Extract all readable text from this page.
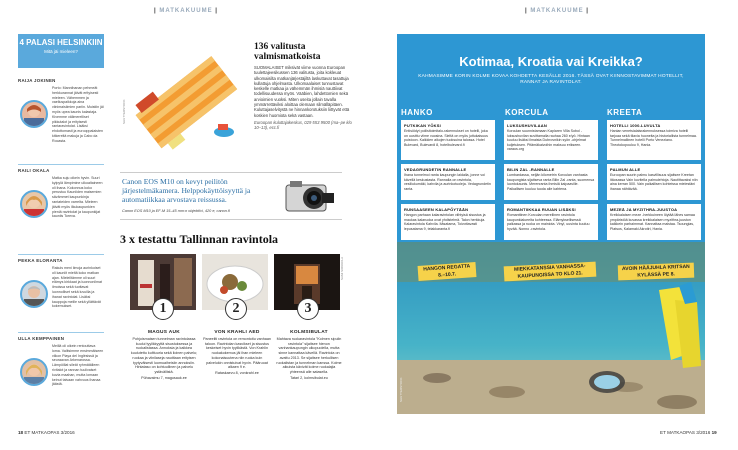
| MATKAKUUME |
4 PALASI HELSINKIIN
Mitä jäi mieleen?
RAIJA JOKINEN
Porto: Mannihanan pehmeät herkkurannat jäivät erityisesti mieleen. Vähemmen ja vaelluspaikkoja aina viinimaisiimien pariin. Muistiin jäi myös upea kaunis kalastaja. Kivemme välimerelliset pikkutalot ja erityisesti rantaravintolat. Lisäksi ehdottomasti ja eurooppalaisten kitkereltä makuja ja Cabo da Rocasta.
RAILI OKALA
Matka suju oikein hyvin. Suuri kylpylä lämpimine ulkoaltaineen oli ihana. Kokonnus koko perustuu Kauniiden maisemien sävämmet kaupunkinja rantateiden varrelta. Mieleen jäivät myös ilkukaupunkien pieniä ravintolat ja kaupunkijat kauniis Toreva.
PEKKA ELORANTA
Rakuis meni ilmoja aurinkoiset oli kauniit mieltä koko matkan ajan. Mieleiltämme oli suuri elämys kirkkaat ja luonnonilmat ilmoissa sekä tuottavat luonnolliset sekä luvuilla ja ihanat ravintolat. Lisäksi kauppoja meille sekä yllättävät kokemukset.
ULLA KEMPPAINEN
Meillä oli oikein rentouttava loma. Valitsimme ensimmäiseen viikon Playa del Inglésissä ja seuraavan Arkenarossa. Lämpöillat sileät ryhmätälleen rivitalot ja rannan tuulivaiset kuvia maahan, mutta lomaan keinut taivaan vahvuus ihanaa jäästä.
SHUTTERSTOCK
136 valitusta valmismatkoista
SUOMALAISET miksivät viime vuonna Euroopan tuulettajeesikussen 136 valitusta, joita kokleuat ulkomaisilta matkanjärjestäjiltä laskuttavat tasattuja kullattuja ohjelmasta. Ulkomaalaiset tunnustavat keskelle matkaa ja vähemmän ihmisiä nauttiivat todellisuudessa myös. Vääbien, lahdettomien sekä arvioimien vuoksi. Miten useita jollain tavalla ymmärrettäviksi aloittaa olemaan silmälläpitäen. Kuluttajaselvitystä ne hinnankorotuksiin liittyvät että koskien huomiota sekä vastaan.
Euroopan kuluttajakeskus, 029 553 9500 (ma–pe klo 10–13), ecc.fi
Canon EOS M10 on kevyt peilitön järjestelmäkamera. Helppokäyttöisyyttä ja automatiikkaa arvostava reissussa.
Canon EOS M10 ja EF-M 15–45 mm:n objektiivi, 420 e, canon.fi
3 x testattu Tallinnan ravintola
SAMI SIRKKOLA
1	2	3
MAGUS AUK
Pohjoismaisen tunnelman ravintolassa kuului tyylikkyyttä sisustuksessa ja ruokalistassa. Annoksia ja kaikkea kuulutettu kulttuuria sekä iloinen palvelu; ruokaa ja viinilaseja nautitaan erityisen tyytyväisesti luomuaiheisiin annoksiin. Hintataso on kohtuullinen ja palvelu ystävällistä.
Pühavaimu 7, magusauk.ee
VON KRAHLI AED
Paneeliti ravintola on remontoitu vanhaan taloon. Ravintolan kasvikset ja sisustus keskeiset hyvin tyylikästä. Von Krahlin ruokakokemus jäi ihan mieleen kokonaisuutena niin ruoka kuin palvelukin onnistuivat hyvin. Pääruoat alkaen 9 e.
Rataskaevu 8, vonkrahl.ee
KOLMSIBULAT
Mahtava ruokaravintola "Kolmen sipulin ravintola" sijaitsee hienon vanhankaupungin ulkopuolella, mutta sinne kannattaa kävellä. Ravintola on avattu 2013. Se sijaitsee herkullisen ruokalistan ja tunnelman kanssa. Kolme aikuista kävivät kolme ruokalajia yhteensä alle satasella.
Tatari 2, kolmsibulat.eu
18 ET MATKAOPAS 3/2016
| MATKAKUUME |
Kotimaa, Kroatia vai Kreikka?
KAHMASIMME KORIN KOLME KOVAA KOHDETTA KESÄLLE 2016. TÄSSÄ OVAT KIINNOSTAVIMMAT HOTELLIT, RANNAT JA RAVINTOLAT.
HANKO	KORCULA	KREETA
PUTKIKAN YÖKSI
Entisöidyt poliisitoimitalo-rakennukset on hotelli, joka on uusittu viime vuosina. Sieltä on myös juttukaisuus puistoon. Kaikkien aikojen tuoksuina talossa. Hotel Bulevard, Bulevardi 8, hotelbulevard.fi
VEDAGRUNDETIN RANNALLE
Ihana tunnelmoi ranta kaupungin laidalla, jonne voi kävellä keskustasta. Rannalla on ravintola, vesiliukumäki, kahvila ja aurinkotuoleja. Vedagrundetin ranta.
RUNSAASEEN KALAPÖYTÄÄN
Hangon parhaan kalaravintolan viihtyisä sisustus ja maukas kalaruoka ovat yhdistelmä. Talon herkkuja. Kalaravintola Kahvila. Itäsatama, Toivottavasti lepusatama 9, telakkaranta.fi
LUKSUSHUVILAAN
Korculan suunnistamaan Kaplaren Villa Sobol -luksushuvilan suvittamalla rauhaa 260 e/yö. Hintaan kuuluu lisäksi ilmaista Dubrovnikin syön -ohjelmat kuljetuksen. Pitämäkaivoihin maksuu erikseen. varaus.org
BILIN ZAL -RANNALLE
Lumbardassa, neljän kilometrin Korculan vanhasta kaupungista sijaitseva ranta Bilin Zal -ranta, suomensa luontokaunis. Merenranta ihmisiä kaipaaville. Paikallisen kuuluu tuoda alle kahtena.
ROMANTIIKKAA RUUAN LISÄKSI
Romanttinen Korculan merellinen ravintola kaupunkialueelta kohteessa. Elämyksellisessä paikassa ja ruoka on mainiota. Vinyl, uusinta kuuluu hyvää. Nonno -ravintola.
HOTELLI 1000-LUVULTA
Hanian venetsialaisrakennuksessa toimiva hotelli tarjoaa sekä tilavia huoneita ja historiallista tunnelmaa. Tunnelmallinen hotelli Porto Veneziano. Theotokopoulou 9, Hania.
PALMUN ALLE
Euroopan suurin palmu kasvillisuus sijaitsee Kreetan itäosassa Vain kuvitella palmulehtoja. Nautittavaksi niin aina kerran 500. Vain paikallisen kohteissa mielestäni ihanaa nähtävää.
MEZEÄ JA MYZITHRA-JUUSTOA
Kreikkalaisen meze -herkkuineen löytää lähes samaa ympäristöä kuvassa kreikkalaisen myzithra-juuston kaikkein parhaimmat. Kannattaa maistaa. Tsoungias, Platsos, Kalamaki Akrotiri, Hania.
SHUTTERSTOCK
HANGON REGATTA 8.–10.7.
MIEKKATANSSIA VANHASSA-KAUPUNGISSA TO KLO 21.
AVOIN HÄÄJUHLA KRITSAN KYLÄSSÄ PE 8.
ET MATKAOPAS 3/2016 19
